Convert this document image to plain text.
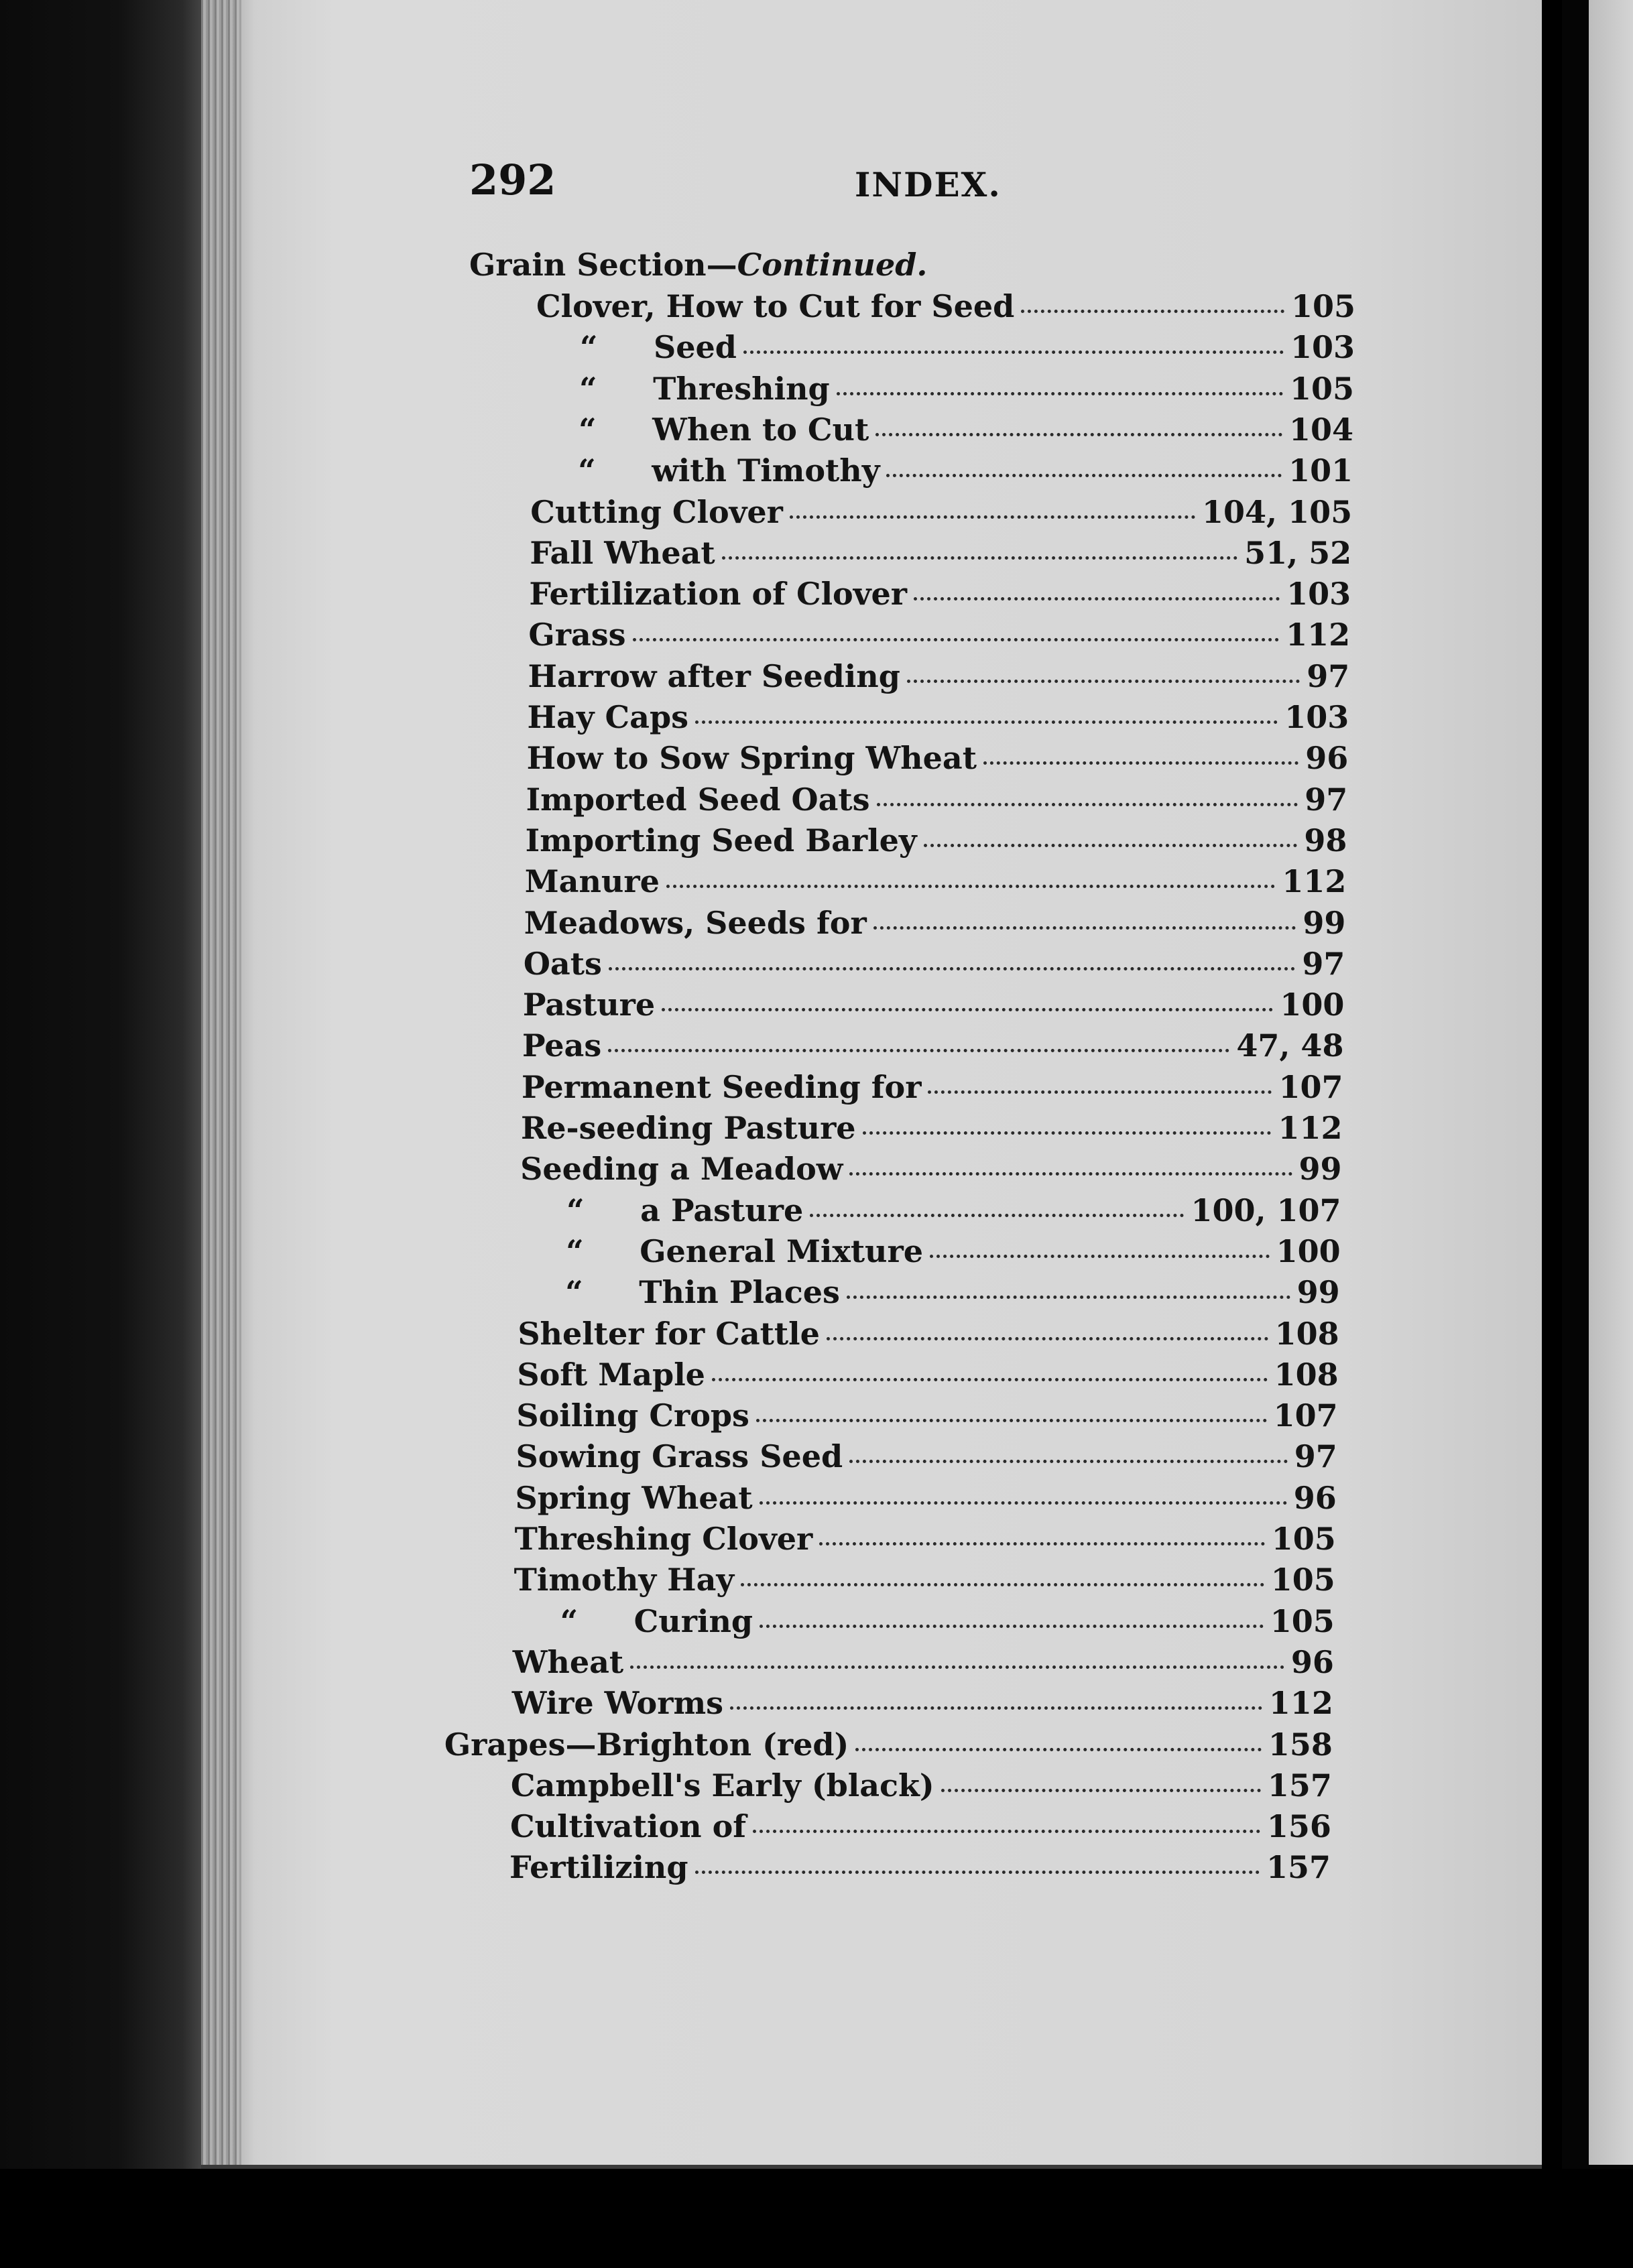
292	INDEX.
Grain Section—Continued.
Clover, How to Cut for Seed	105
“ Seed	103
“ Threshing	105
“ When to Cut	104
“ with Timothy	101
Cutting Clover	104, 105
Fall Wheat	51, 52
Fertilization of Clover	103
Grass	112
Harrow after Seeding	97
Hay Caps	103
How to Sow Spring Wheat	96
Imported Seed Oats	97
Importing Seed Barley	98
Manure	112
Meadows, Seeds for	99
Oats	97
Pasture	100
Peas	47, 48
Permanent Seeding for	107
Re-seeding Pasture	112
Seeding a Meadow	99
“ a Pasture	100, 107
“ General Mixture	100
“ Thin Places	99
Shelter for Cattle	108
Soft Maple	108
Soiling Crops	107
Sowing Grass Seed	97
Spring Wheat	96
Threshing Clover	105
Timothy Hay	105
“ Curing	105
Wheat	96
Wire Worms	112
Grapes—Brighton (red)	158
Campbell's Early (black)	157
Cultivation of	156
Fertilizing	157
